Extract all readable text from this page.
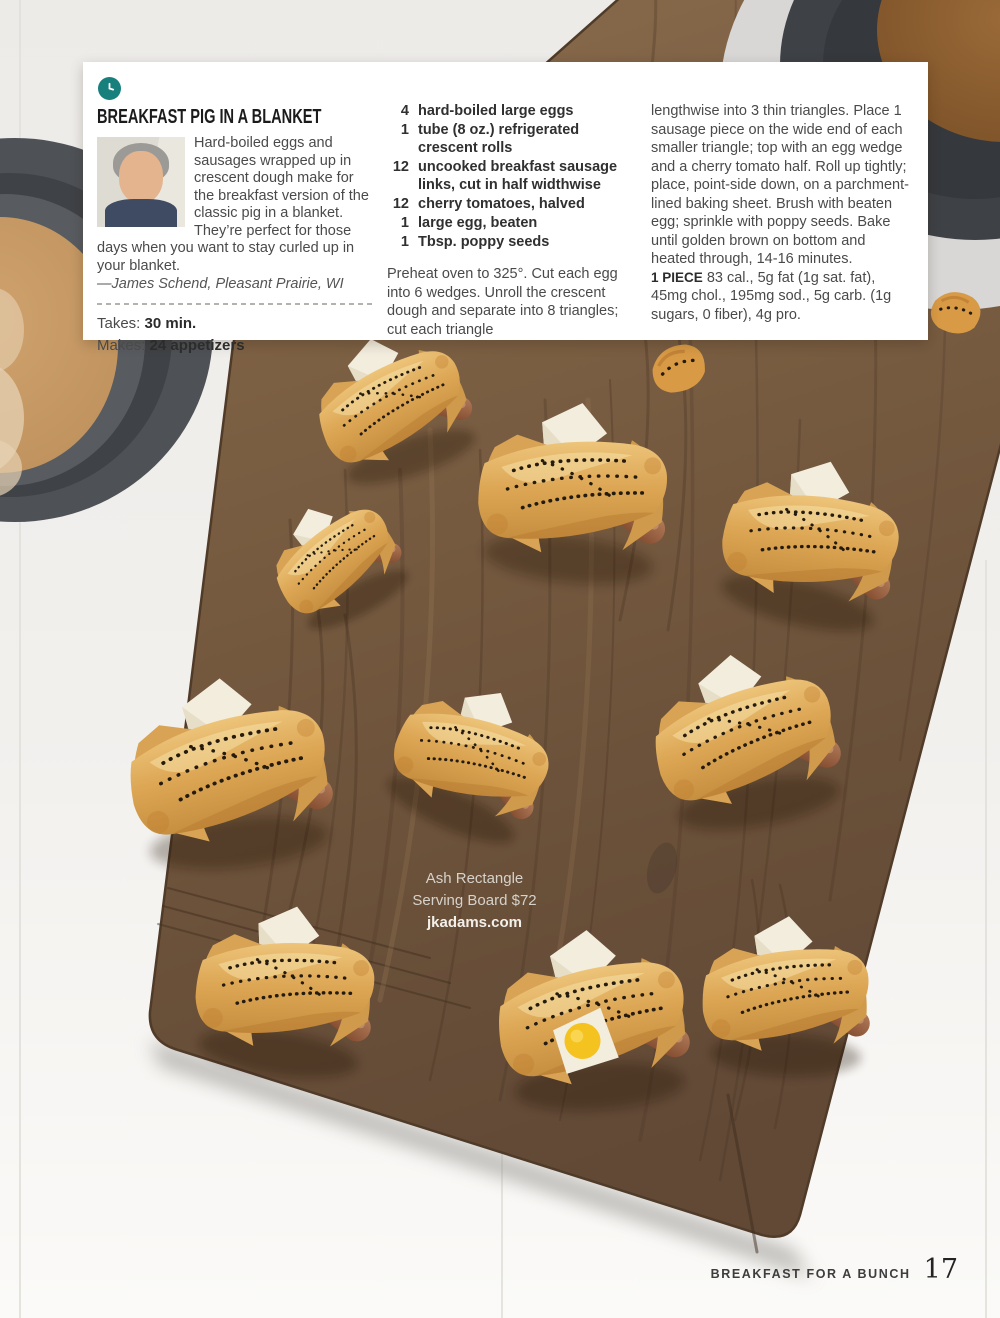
Ash Rectangle
Serving Board $72
jkadams.com
BREAKFAST PIG IN A BLANKET
Hard-boiled eggs and sausages wrapped up in crescent dough make for the breakfast version of the classic pig in a blanket. They’re perfect for those days when you want to stay curled up in your blanket.
—James Schend, Pleasant Prairie, WI
Takes: 30 min.
Makes: 24 appetizers
4 hard-boiled large eggs
1 tube (8 oz.) refrigerated crescent rolls
12 uncooked breakfast sausage links, cut in half widthwise
12 cherry tomatoes, halved
1 large egg, beaten
1 Tbsp. poppy seeds

Preheat oven to 325°. Cut each egg into 6 wedges. Unroll the crescent dough and separate into 8 triangles; cut each triangle

lengthwise into 3 thin triangles. Place 1 sausage piece on the wide end of each smaller triangle; top with an egg wedge and a cherry tomato half. Roll up tightly; place, point-side down, on a parchment-lined baking sheet. Brush with beaten egg; sprinkle with poppy seeds. Bake until golden brown on bottom and heated through, 14-16 minutes.

1 PIECE 83 cal., 5g fat (1g sat. fat), 45mg chol., 195mg sod., 5g carb. (1g sugars, 0 fiber), 4g pro.

BREAKFAST FOR A BUNCH 17
